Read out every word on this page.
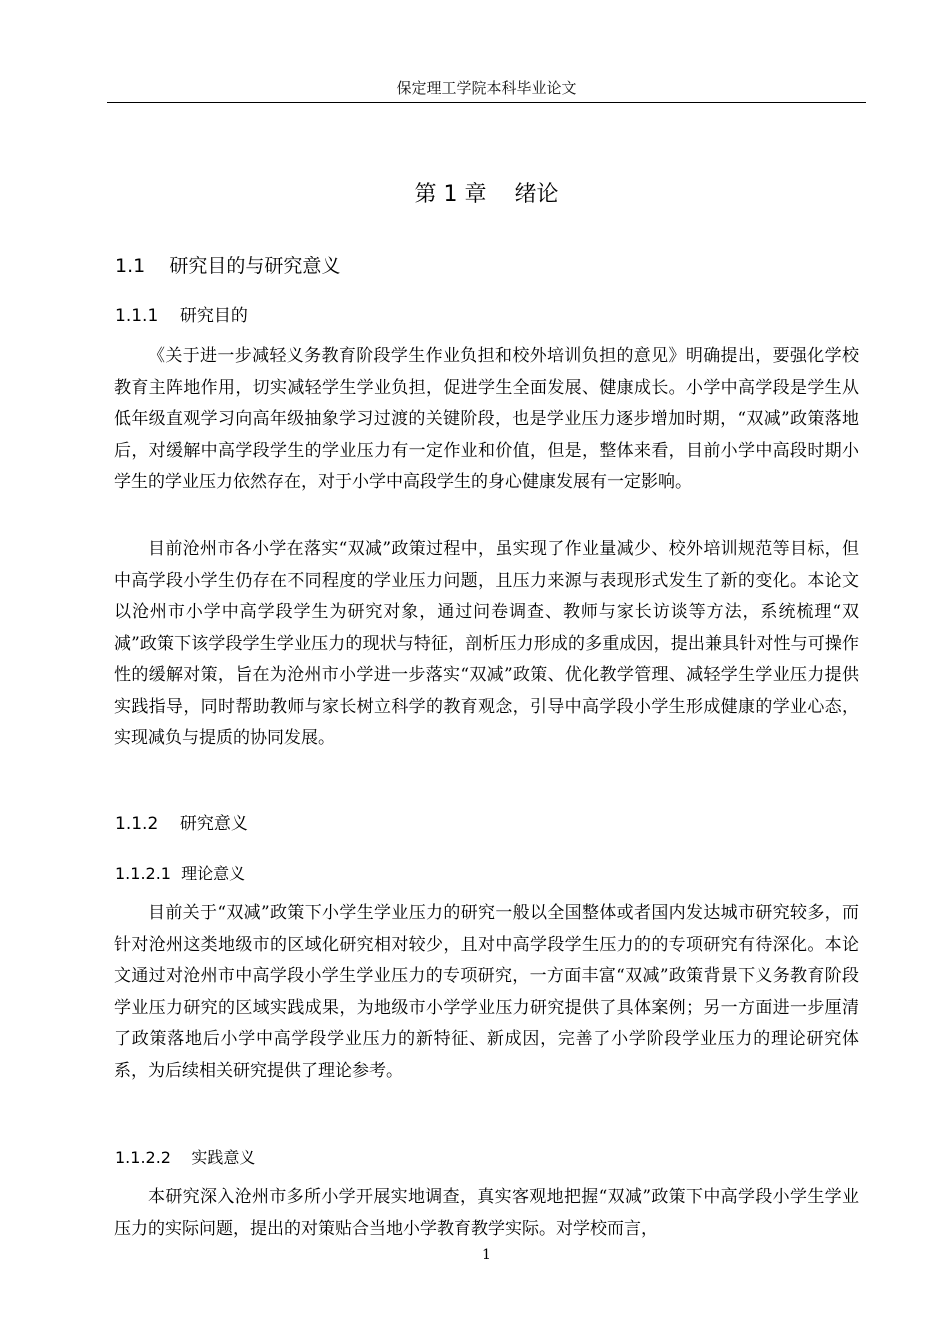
保定理工学院本科毕业论文
第 1 章    绪论
1.1    研究目的与研究意义
1.1.1    研究目的

《关于进一步减轻义务教育阶段学生作业负担和校外培训负担的意见》明确提出，要强化学校教育主阵地作用，切实减轻学生学业负担，促进学生全面发展、健康成长。小学中高学段是学生从低年级直观学习向高年级抽象学习过渡的关键阶段，也是学业压力逐步增加时期，“双减”政策落地后，对缓解中高学段学生的学业压力有一定作业和价值，但是，整体来看，目前小学中高段时期小学生的学业压力依然存在，对于小学中高段学生的身心健康发展有一定影响。

目前沧州市各小学在落实“双减”政策过程中，虽实现了作业量减少、校外培训规范等目标，但中高学段小学生仍存在不同程度的学业压力问题，且压力来源与表现形式发生了新的变化。本论文以沧州市小学中高学段学生为研究对象，通过问卷调查、教师与家长访谈等方法，系统梳理“双减”政策下该学段学生学业压力的现状与特征，剖析压力形成的多重成因，提出兼具针对性与可操作性的缓解对策，旨在为沧州市小学进一步落实“双减”政策、优化教学管理、减轻学生学业压力提供实践指导，同时帮助教师与家长树立科学的教育观念，引导中高学段小学生形成健康的学业心态，实现减负与提质的协同发展。

1.1.2    研究意义
1.1.2.1  理论意义

目前关于“双减”政策下小学生学业压力的研究一般以全国整体或者国内发达城市研究较多，而针对沧州这类地级市的区域化研究相对较少，且对中高学段学生压力的的专项研究有待深化。本论文通过对沧州市中高学段小学生学业压力的专项研究，一方面丰富“双减”政策背景下义务教育阶段学业压力研究的区域实践成果，为地级市小学学业压力研究提供了具体案例；另一方面进一步厘清了政策落地后小学中高学段学业压力的新特征、新成因，完善了小学阶段学业压力的理论研究体系，为后续相关研究提供了理论参考。

1.1.2.2    实践意义

本研究深入沧州市多所小学开展实地调查，真实客观地把握“双减”政策下中高学段小学生学业压力的实际问题，提出的对策贴合当地小学教育教学实际。对学校而言，

1
